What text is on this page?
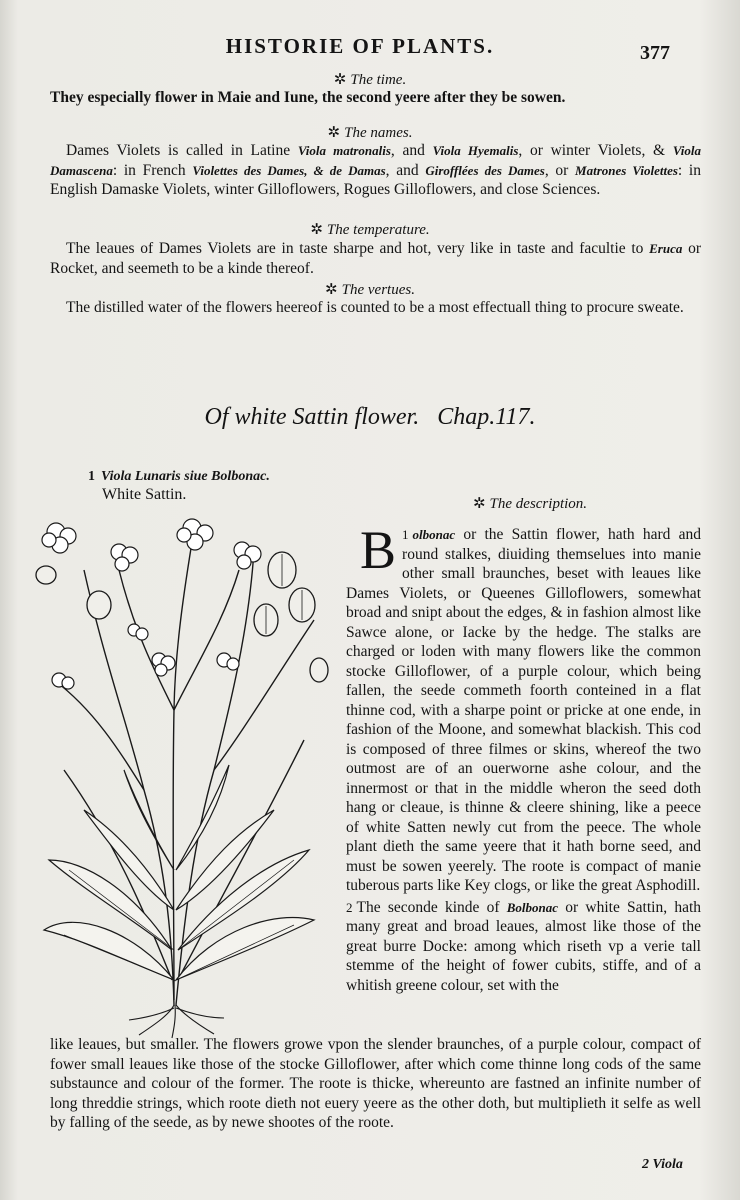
HISTORIE OF PLANTS.	377
✲ The time.
They especially flower in Maie and Iune, the second yeere after they be sowen.
✲ The names.

Dames Violets is called in Latine Viola matronalis, and Viola Hyemalis, or winter Violets, & Viola Damascena: in French Violettes des Dames, & de Damas, and Girofflées des Dames, or Matrones Violettes: in English Damaske Violets, winter Gilloflowers, Rogues Gilloflowers, and close Sciences.

✲ The temperature.

The leaues of Dames Violets are in taste sharpe and hot, very like in taste and facultie to Eruca or Rocket, and seemeth to be a kinde thereof.

✲ The vertues.

The distilled water of the flowers heereof is counted to be a most effectuall thing to procure sweate.

Of white Sattin flower. Chap.117.
1 Viola Lunaris siue Bolbonac.
White Sattin.
✲ The description.

1
B olbonac or the Sattin flower, hath hard and round stalkes, diuiding themselues into manie other small braunches, beset with leaues like Dames Violets, or Queenes Gilloflowers, somewhat broad and snipt about the edges, & in fashion almost like Sawce alone, or Iacke by the hedge. The stalks are charged or loden with many flowers like the common stocke Gilloflower, of a purple colour, which being fallen, the seede commeth foorth conteined in a flat thinne cod, with a sharpe point or pricke at one ende, in fashion of the Moone, and somewhat blackish. This cod is composed of three filmes or skins, whereof the two outmost are of an ouerworne ashe colour, and the innermost or that in the middle wheron the seed doth hang or cleaue, is thinne & cleere shining, like a peece of white Satten newly cut from the peece. The whole plant dieth the same yeere that it hath borne seed, and must be sowen yeerely. The roote is compact of manie tuberous parts like Key clogs, or like the great Asphodill.

2 The seconde kinde of Bolbonac or white Sattin, hath many great and broad leaues, almost like those of the great burre Docke: among which riseth vp a verie tall stemme of the height of fower cubits, stiffe, and of a whitish greene colour, set with the

like leaues, but smaller. The flowers growe vpon the slender braunches, of a purple colour, compact of fower small leaues like those of the stocke Gilloflower, after which come thinne long cods of the same substaunce and colour of the former. The roote is thicke, whereunto are fastned an infinite number of long threddie strings, which roote dieth not euery yeere as the other doth, but multiplieth it selfe as well by falling of the seede, as by newe shootes of the roote.
2 Viola
